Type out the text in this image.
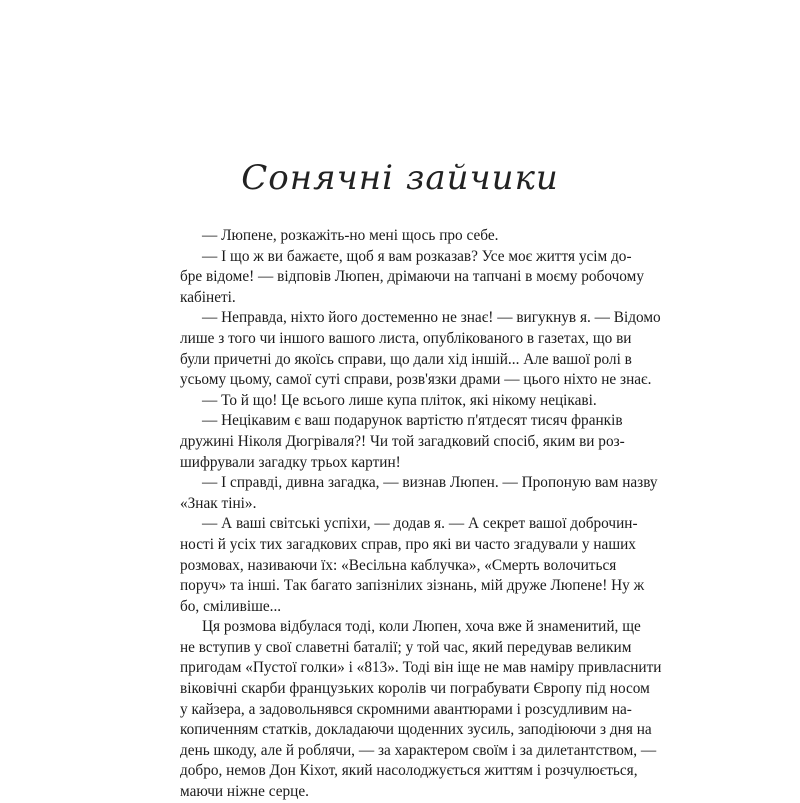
Сонячні зайчики
— Люпене, розкажіть-но мені щось про себе.
— І що ж ви бажаєте, щоб я вам розказав? Усе моє життя усім до-
бре відоме! — відповів Люпен, дрімаючи на тапчані в моєму робочому
кабінеті.
— Неправда, ніхто його достеменно не знає! — вигукнув я. — Відомо
лише з того чи іншого вашого листа, опублікованого в газетах, що ви
були причетні до якоїсь справи, що дали хід іншій... Але вашої ролі в
усьому цьому, самої суті справи, розв'язки драми — цього ніхто не знає.
— То й що! Це всього лише купа пліток, які нікому нецікаві.
— Нецікавим є ваш подарунок вартістю п'ятдесят тисяч франків
дружині Ніколя Дюгріваля?! Чи той загадковий спосіб, яким ви роз-
шифрували загадку трьох картин!
— І справді, дивна загадка, — визнав Люпен. — Пропоную вам назву
«Знак тіні».
— А ваші світські успіхи, — додав я. — А секрет вашої доброчин-
ності й усіх тих загадкових справ, про які ви часто згадували у наших
розмовах, називаючи їх: «Весільна каблучка», «Смерть волочиться
поруч» та інші. Так багато запізнілих зізнань, мій друже Люпене! Ну ж
бо, сміливіше...
Ця розмова відбулася тоді, коли Люпен, хоча вже й знаменитий, ще
не вступив у свої славетні баталії; у той час, який передував великим
пригодам «Пустої голки» і «813». Тоді він іще не мав наміру привласнити
віковічні скарби французьких королів чи пограбувати Європу під носом
у кайзера, а задовольнявся скромними авантюрами і розсудливим на-
копиченням статків, докладаючи щоденних зусиль, заподіюючи з дня на
день шкоду, але й роблячи, — за характером своїм і за дилетантством, —
добро, немов Дон Кіхот, який насолоджується життям і розчулюється,
маючи ніжне серце.
